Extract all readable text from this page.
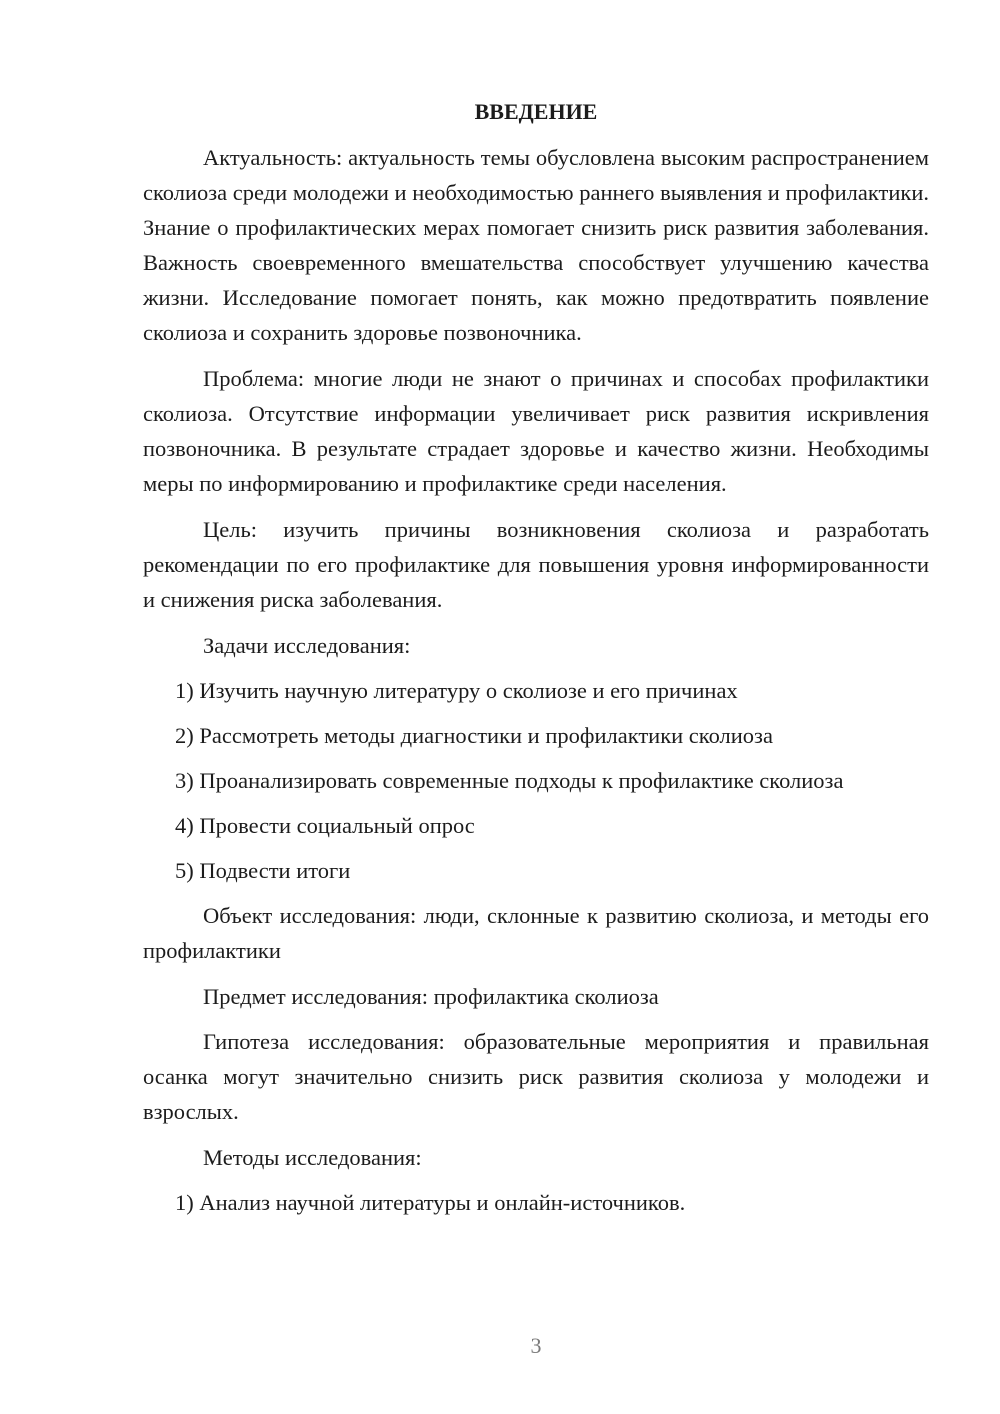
ВВЕДЕНИЕ

Актуальность: актуальность темы обусловлена высоким распространением сколиоза среди молодежи и необходимостью раннего выявления и профилактики. Знание о профилактических мерах помогает снизить риск развития заболевания. Важность своевременного вмешательства способствует улучшению качества жизни. Исследование помогает понять, как можно предотвратить появление сколиоза и сохранить здоровье позвоночника.

Проблема: многие люди не знают о причинах и способах профилактики сколиоза. Отсутствие информации увеличивает риск развития искривления позвоночника. В результате страдает здоровье и качество жизни. Необходимы меры по информированию и профилактике среди населения.

Цель: изучить причины возникновения сколиоза и разработать рекомендации по его профилактике для повышения уровня информированности и снижения риска заболевания.

Задачи исследования:

1) Изучить научную литературу о сколиозе и его причинах
2) Рассмотреть методы диагностики и профилактики сколиоза
3) Проанализировать современные подходы к профилактике сколиоза
4) Провести социальный опрос
5) Подвести итоги

Объект исследования: люди, склонные к развитию сколиоза, и методы его профилактики

Предмет исследования: профилактика сколиоза

Гипотеза исследования: образовательные мероприятия и правильная осанка могут значительно снизить риск развития сколиоза у молодежи и взрослых.

Методы исследования:

1) Анализ научной литературы и онлайн-источников.
3
